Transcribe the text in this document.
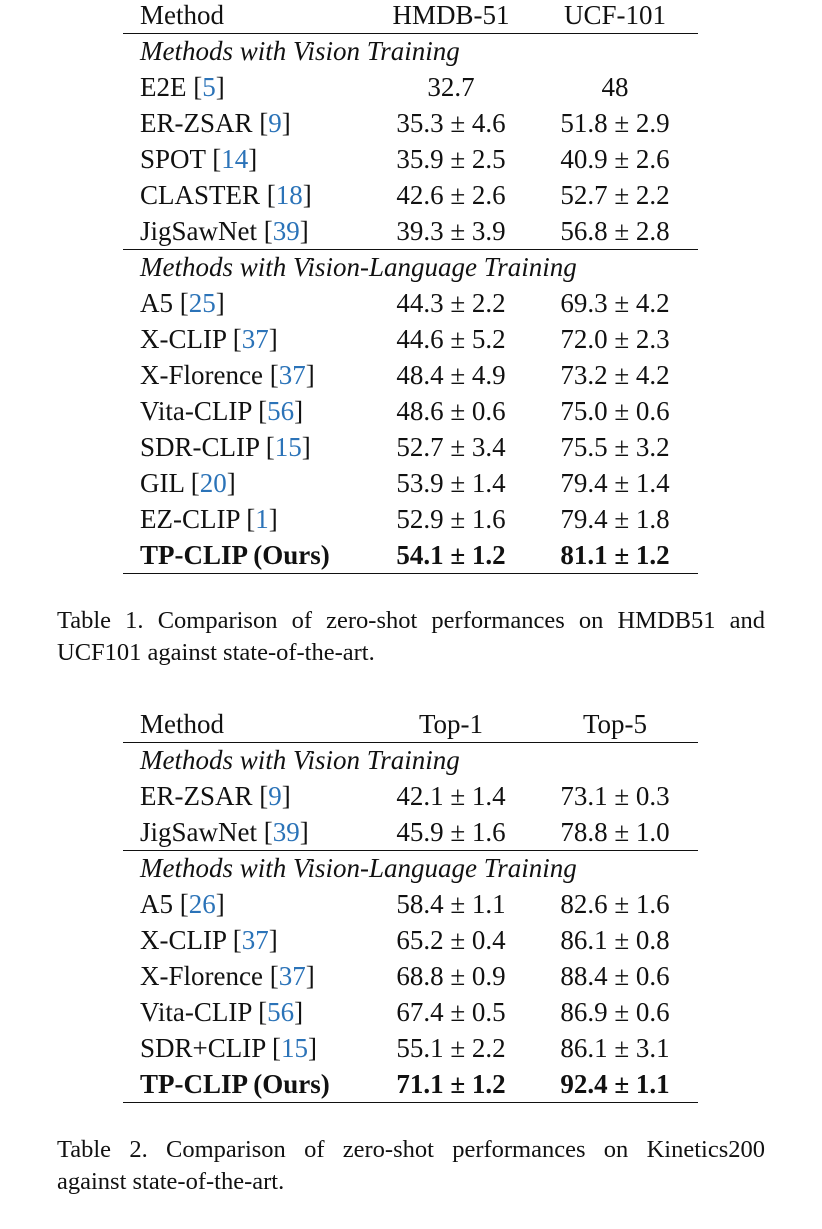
Method	HMDB-51	UCF-101
Methods with Vision Training
E2E [5]	32.7	48
ER-ZSAR [9]	35.3 ± 4.6	51.8 ± 2.9
SPOT [14]	35.9 ± 2.5	40.9 ± 2.6
CLASTER [18]	42.6 ± 2.6	52.7 ± 2.2
JigSawNet [39]	39.3 ± 3.9	56.8 ± 2.8
Methods with Vision-Language Training
A5 [25]	44.3 ± 2.2	69.3 ± 4.2
X-CLIP [37]	44.6 ± 5.2	72.0 ± 2.3
X-Florence [37]	48.4 ± 4.9	73.2 ± 4.2
Vita-CLIP [56]	48.6 ± 0.6	75.0 ± 0.6
SDR-CLIP [15]	52.7 ± 3.4	75.5 ± 3.2
GIL [20]	53.9 ± 1.4	79.4 ± 1.4
EZ-CLIP [1]	52.9 ± 1.6	79.4 ± 1.8
TP-CLIP (Ours)	54.1 ± 1.2	81.1 ± 1.2
Table 1. Comparison of zero-shot performances on HMDB51 and
UCF101 against state-of-the-art.
Method	Top-1	Top-5
Methods with Vision Training
ER-ZSAR [9]	42.1 ± 1.4	73.1 ± 0.3
JigSawNet [39]	45.9 ± 1.6	78.8 ± 1.0
Methods with Vision-Language Training
A5 [26]	58.4 ± 1.1	82.6 ± 1.6
X-CLIP [37]	65.2 ± 0.4	86.1 ± 0.8
X-Florence [37]	68.8 ± 0.9	88.4 ± 0.6
Vita-CLIP [56]	67.4 ± 0.5	86.9 ± 0.6
SDR+CLIP [15]	55.1 ± 2.2	86.1 ± 3.1
TP-CLIP (Ours)	71.1 ± 1.2	92.4 ± 1.1
Table 2. Comparison of zero-shot performances on Kinetics200
against state-of-the-art.
